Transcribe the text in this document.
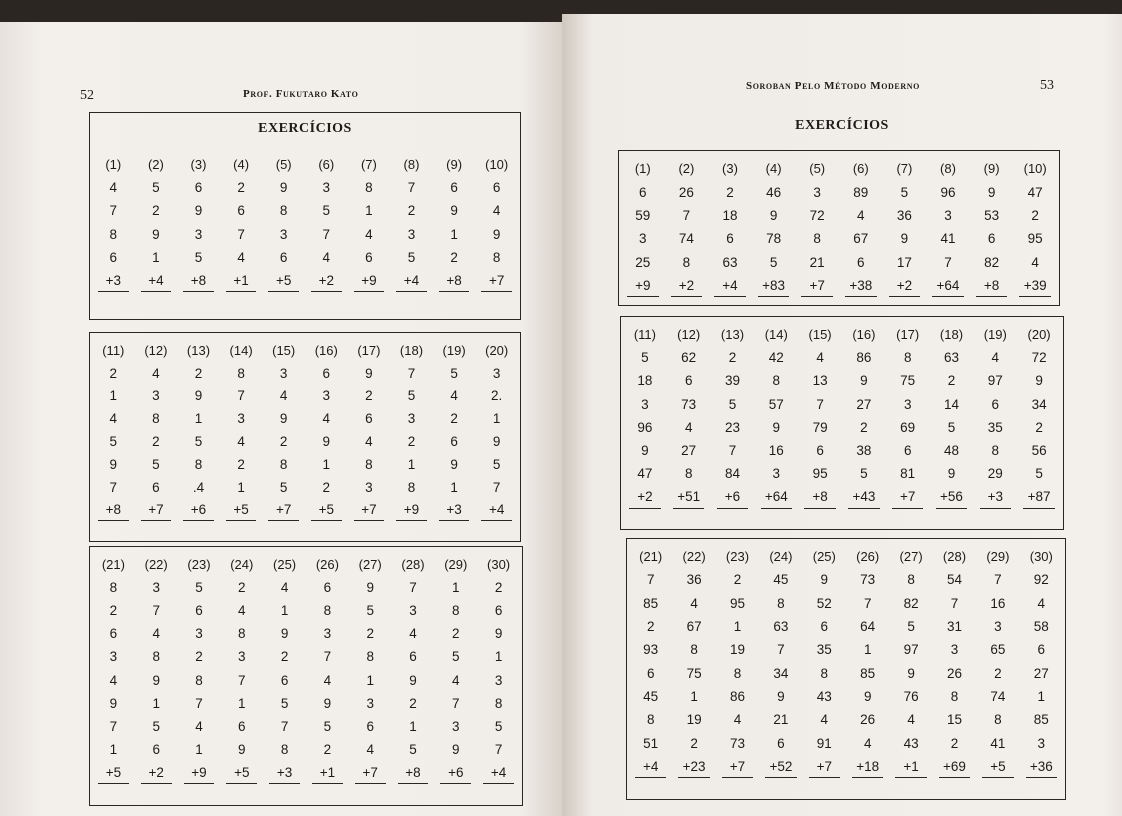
52	Prof. Fukutaro Kato
EXERCÍCIOS
(1)	(2)	(3)	(4)	(5)	(6)	(7)	(8)	(9)	(10)
4	5	6	2	9	3	8	7	6	6
7	2	9	6	8	5	1	2	9	4
8	9	3	7	3	7	4	3	1	9
6	1	5	4	6	4	6	5	2	8
+3	+4	+8	+1	+5	+2	+9	+4	+8	+7
(11)	(12)	(13)	(14)	(15)	(16)	(17)	(18)	(19)	(20)
2	4	2	8	3	6	9	7	5	3
1	3	9	7	4	3	2	5	4	2.
4	8	1	3	9	4	6	3	2	1
5	2	5	4	2	9	4	2	6	9
9	5	8	2	8	1	8	1	9	5
7	6	.4	1	5	2	3	8	1	7
+8	+7	+6	+5	+7	+5	+7	+9	+3	+4
(21)	(22)	(23)	(24)	(25)	(26)	(27)	(28)	(29)	(30)
8	3	5	2	4	6	9	7	1	2
2	7	6	4	1	8	5	3	8	6
6	4	3	8	9	3	2	4	2	9
3	8	2	3	2	7	8	6	5	1
4	9	8	7	6	4	1	9	4	3
9	1	7	1	5	9	3	2	7	8
7	5	4	6	7	5	6	1	3	5
1	6	1	9	8	2	4	5	9	7
+5	+2	+9	+5	+3	+1	+7	+8	+6	+4
Soroban Pelo Método Moderno	53
EXERCÍCIOS
(1)	(2)	(3)	(4)	(5)	(6)	(7)	(8)	(9)	(10)
6	26	2	46	3	89	5	96	9	47
59	7	18	9	72	4	36	3	53	2
3	74	6	78	8	67	9	41	6	95
25	8	63	5	21	6	17	7	82	4
+9	+2	+4	+83	+7	+38	+2	+64	+8	+39
(11)	(12)	(13)	(14)	(15)	(16)	(17)	(18)	(19)	(20)
5	62	2	42	4	86	8	63	4	72
18	6	39	8	13	9	75	2	97	9
3	73	5	57	7	27	3	14	6	34
96	4	23	9	79	2	69	5	35	2
9	27	7	16	6	38	6	48	8	56
47	8	84	3	95	5	81	9	29	5
+2	+51	+6	+64	+8	+43	+7	+56	+3	+87
(21)	(22)	(23)	(24)	(25)	(26)	(27)	(28)	(29)	(30)
7	36	2	45	9	73	8	54	7	92
85	4	95	8	52	7	82	7	16	4
2	67	1	63	6	64	5	31	3	58
93	8	19	7	35	1	97	3	65	6
6	75	8	34	8	85	9	26	2	27
45	1	86	9	43	9	76	8	74	1
8	19	4	21	4	26	4	15	8	85
51	2	73	6	91	4	43	2	41	3
+4	+23	+7	+52	+7	+18	+1	+69	+5	+36
